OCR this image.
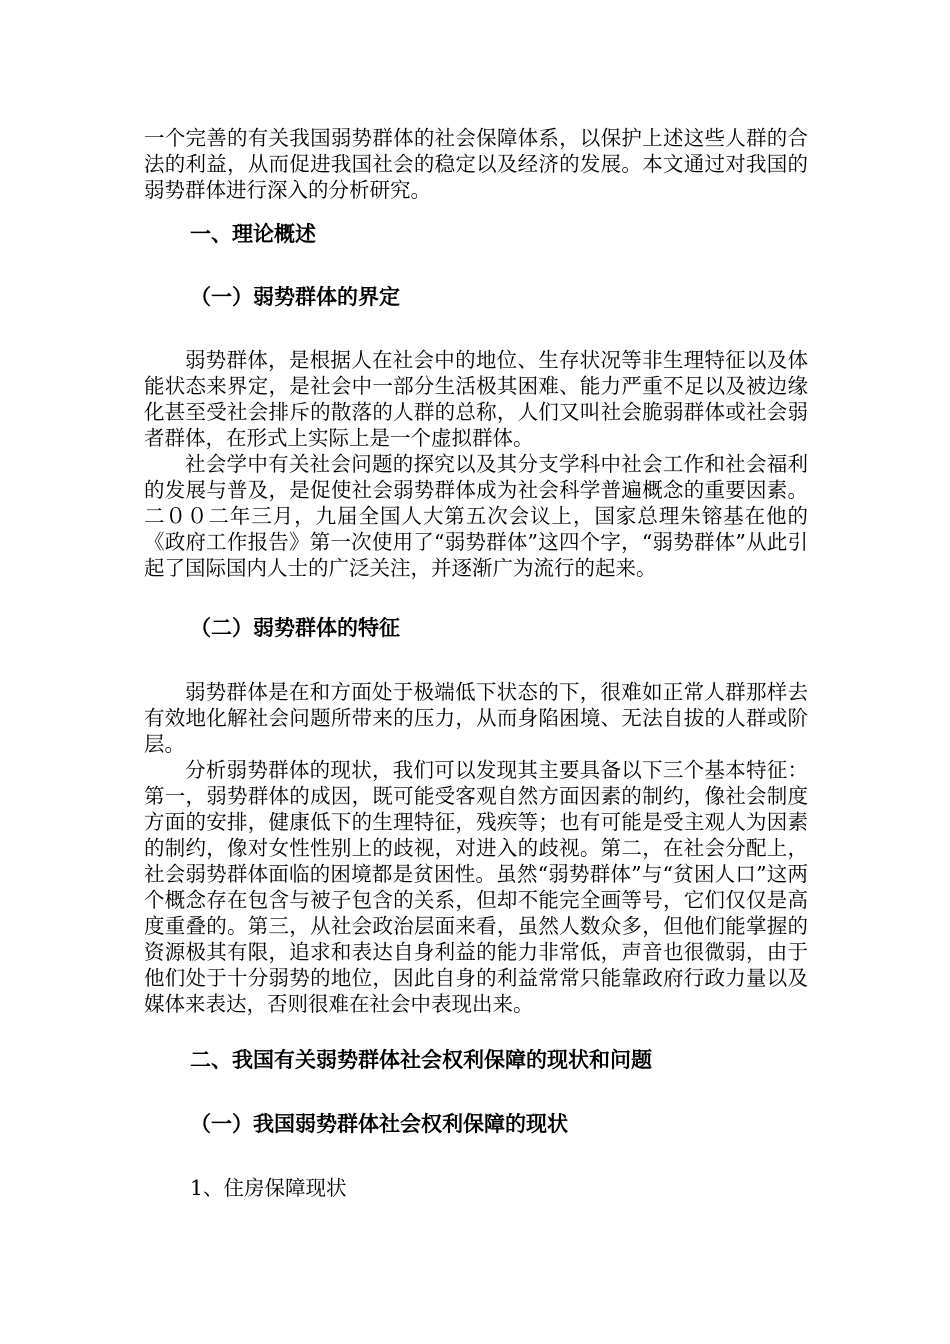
一个完善的有关我国弱势群体的社会保障体系，以保护上述这些人群的合法的利益，从而促进我国社会的稳定以及经济的发展。本文通过对我国的弱势群体进行深入的分析研究。

一、理论概述
（一）弱势群体的界定

弱势群体，是根据人在社会中的地位、生存状况等非生理特征以及体能状态来界定，是社会中一部分生活极其困难、能力严重不足以及被边缘化甚至受社会排斥的散落的人群的总称，人们又叫社会脆弱群体或社会弱者群体，在形式上实际上是一个虚拟群体。

社会学中有关社会问题的探究以及其分支学科中社会工作和社会福利的发展与普及，是促使社会弱势群体成为社会科学普遍概念的重要因素。二００二年三月，九届全国人大第五次会议上，国家总理朱镕基在他的《政府工作报告》第一次使用了“弱势群体”这四个字，“弱势群体”从此引起了国际国内人士的广泛关注，并逐渐广为流行的起来。

（二）弱势群体的特征

弱势群体是在和方面处于极端低下状态的下，很难如正常人群那样去有效地化解社会问题所带来的压力，从而身陷困境、无法自拔的人群或阶层。

分析弱势群体的现状，我们可以发现其主要具备以下三个基本特征：第一，弱势群体的成因，既可能受客观自然方面因素的制约，像社会制度方面的安排，健康低下的生理特征，残疾等；也有可能是受主观人为因素的制约，像对女性性别上的歧视，对进入的歧视。第二，在社会分配上，社会弱势群体面临的困境都是贫困性。虽然“弱势群体”与“贫困人口”这两个概念存在包含与被子包含的关系，但却不能完全画等号，它们仅仅是高度重叠的。第三，从社会政治层面来看，虽然人数众多，但他们能掌握的资源极其有限，追求和表达自身利益的能力非常低，声音也很微弱，由于他们处于十分弱势的地位，因此自身的利益常常只能靠政府行政力量以及媒体来表达，否则很难在社会中表现出来。

二、我国有关弱势群体社会权利保障的现状和问题
（一）我国弱势群体社会权利保障的现状

1、住房保障现状
